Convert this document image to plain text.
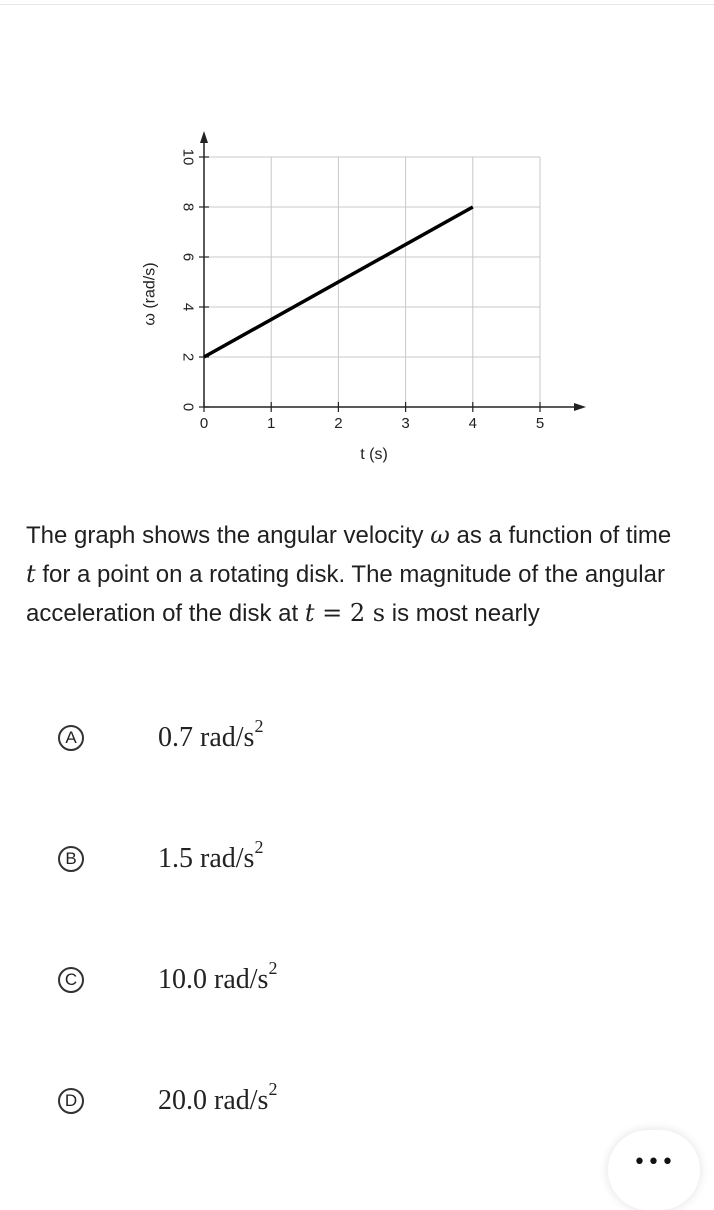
0	1	2	3	4	5
0
2
4
6
8
10
t (s)
ω (rad/s)

The graph shows the angular velocity ω as a function of time t for a point on a rotating disk. The magnitude of the angular acceleration of the disk at t = 2 s is most nearly

A	0.7 rad/$s^2$
B	1.5 rad/$s^2$
C	10.0 rad/$s^2$
D	20.0 rad/$s^2$
•••
